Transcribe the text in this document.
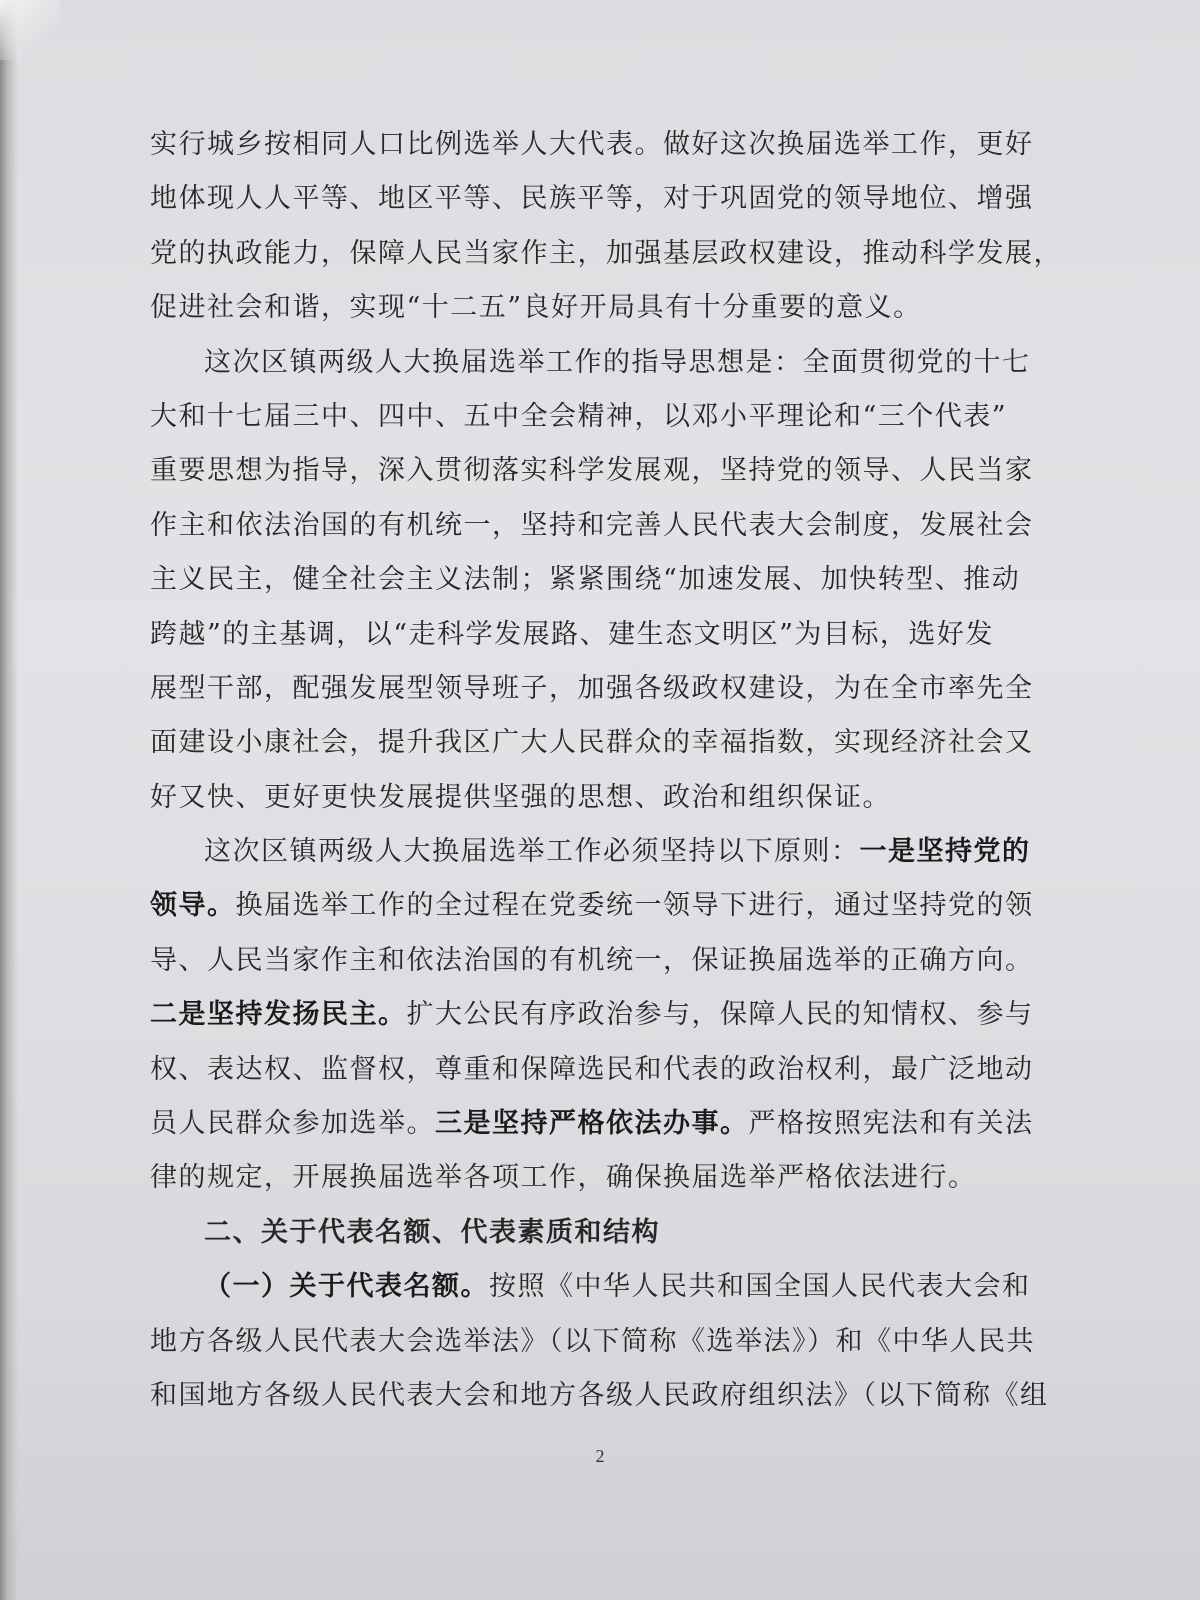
实行城乡按相同人口比例选举人大代表。做好这次换届选举工作，更好
地体现人人平等、地区平等、民族平等，对于巩固党的领导地位、增强
党的执政能力，保障人民当家作主，加强基层政权建设，推动科学发展，
促进社会和谐，实现“十二五”良好开局具有十分重要的意义。
这次区镇两级人大换届选举工作的指导思想是：全面贯彻党的十七
大和十七届三中、四中、五中全会精神，以邓小平理论和“三个代表”
重要思想为指导，深入贯彻落实科学发展观，坚持党的领导、人民当家
作主和依法治国的有机统一，坚持和完善人民代表大会制度，发展社会
主义民主，健全社会主义法制；紧紧围绕“加速发展、加快转型、推动
跨越”的主基调，以“走科学发展路、建生态文明区”为目标，选好发
展型干部，配强发展型领导班子，加强各级政权建设，为在全市率先全
面建设小康社会，提升我区广大人民群众的幸福指数，实现经济社会又
好又快、更好更快发展提供坚强的思想、政治和组织保证。
这次区镇两级人大换届选举工作必须坚持以下原则：一是坚持党的
领导。换届选举工作的全过程在党委统一领导下进行，通过坚持党的领
导、人民当家作主和依法治国的有机统一，保证换届选举的正确方向。
二是坚持发扬民主。扩大公民有序政治参与，保障人民的知情权、参与
权、表达权、监督权，尊重和保障选民和代表的政治权利，最广泛地动
员人民群众参加选举。三是坚持严格依法办事。严格按照宪法和有关法
律的规定，开展换届选举各项工作，确保换届选举严格依法进行。
二、关于代表名额、代表素质和结构
（一）关于代表名额。按照《中华人民共和国全国人民代表大会和
地方各级人民代表大会选举法》（以下简称《选举法》）和《中华人民共
和国地方各级人民代表大会和地方各级人民政府组织法》（以下简称《组
2
